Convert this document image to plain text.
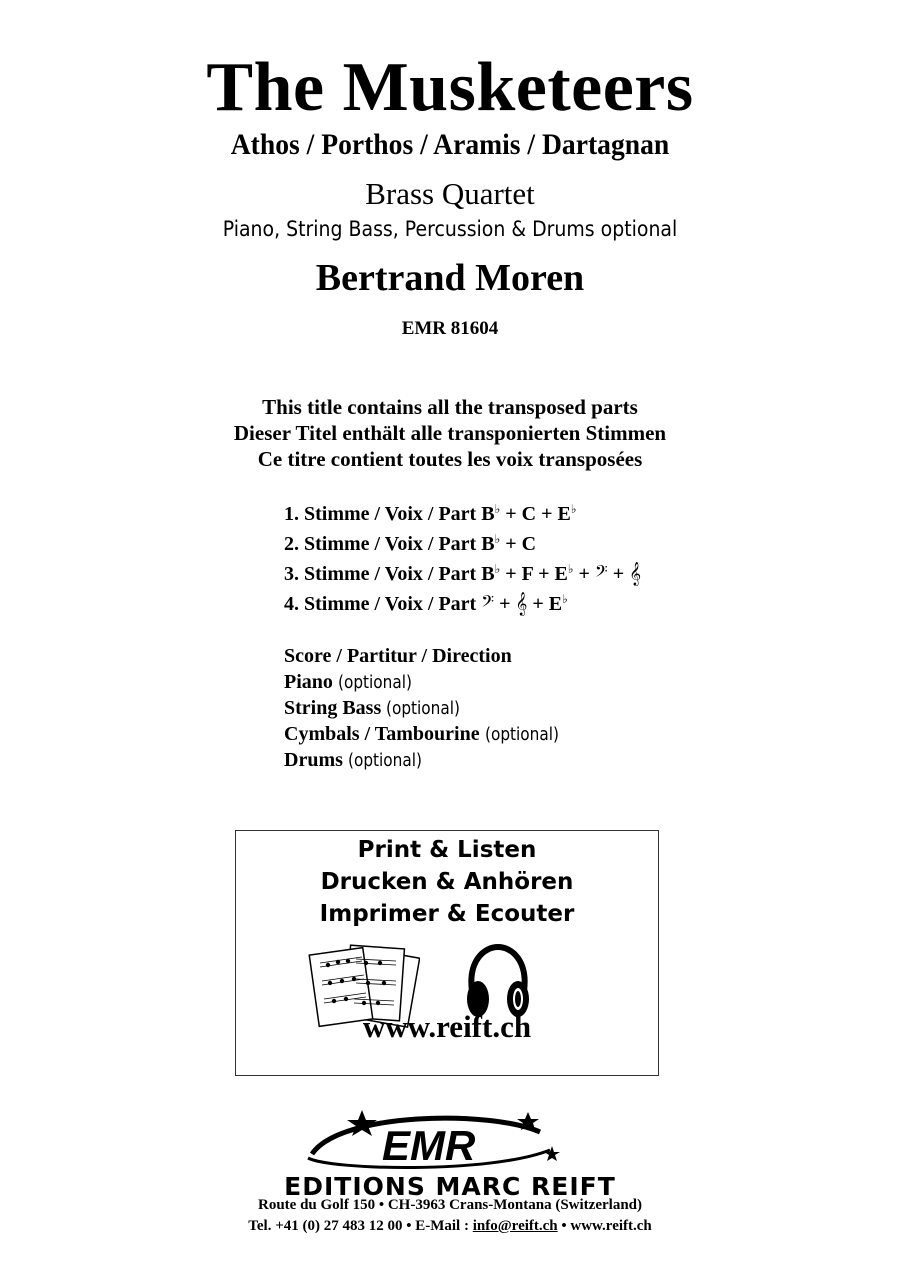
The Musketeers
Athos / Porthos / Aramis / Dartagnan
Brass Quartet
Piano, String Bass, Percussion & Drums optional
Bertrand Moren
EMR 81604
This title contains all the transposed parts
Dieser Titel enthält alle transponierten Stimmen
Ce titre contient toutes les voix transposées
1. Stimme / Voix / Part B♭ + C + E♭
2. Stimme / Voix / Part B♭ + C
3. Stimme / Voix / Part B♭ + F + E♭ + 𝄢 + 𝄞
4. Stimme / Voix / Part 𝄢 + 𝄞 + E♭
Score / Partitur / Direction
Piano (optional)
String Bass (optional)
Cymbals / Tambourine (optional)
Drums (optional)
Print & Listen
Drucken & Anhören
Imprimer & Ecouter
www.reift.ch
EMR
EDITIONS MARC REIFT
Route du Golf 150 • CH-3963 Crans-Montana (Switzerland)
Tel. +41 (0) 27 483 12 00 • E-Mail : info@reift.ch • www.reift.ch
